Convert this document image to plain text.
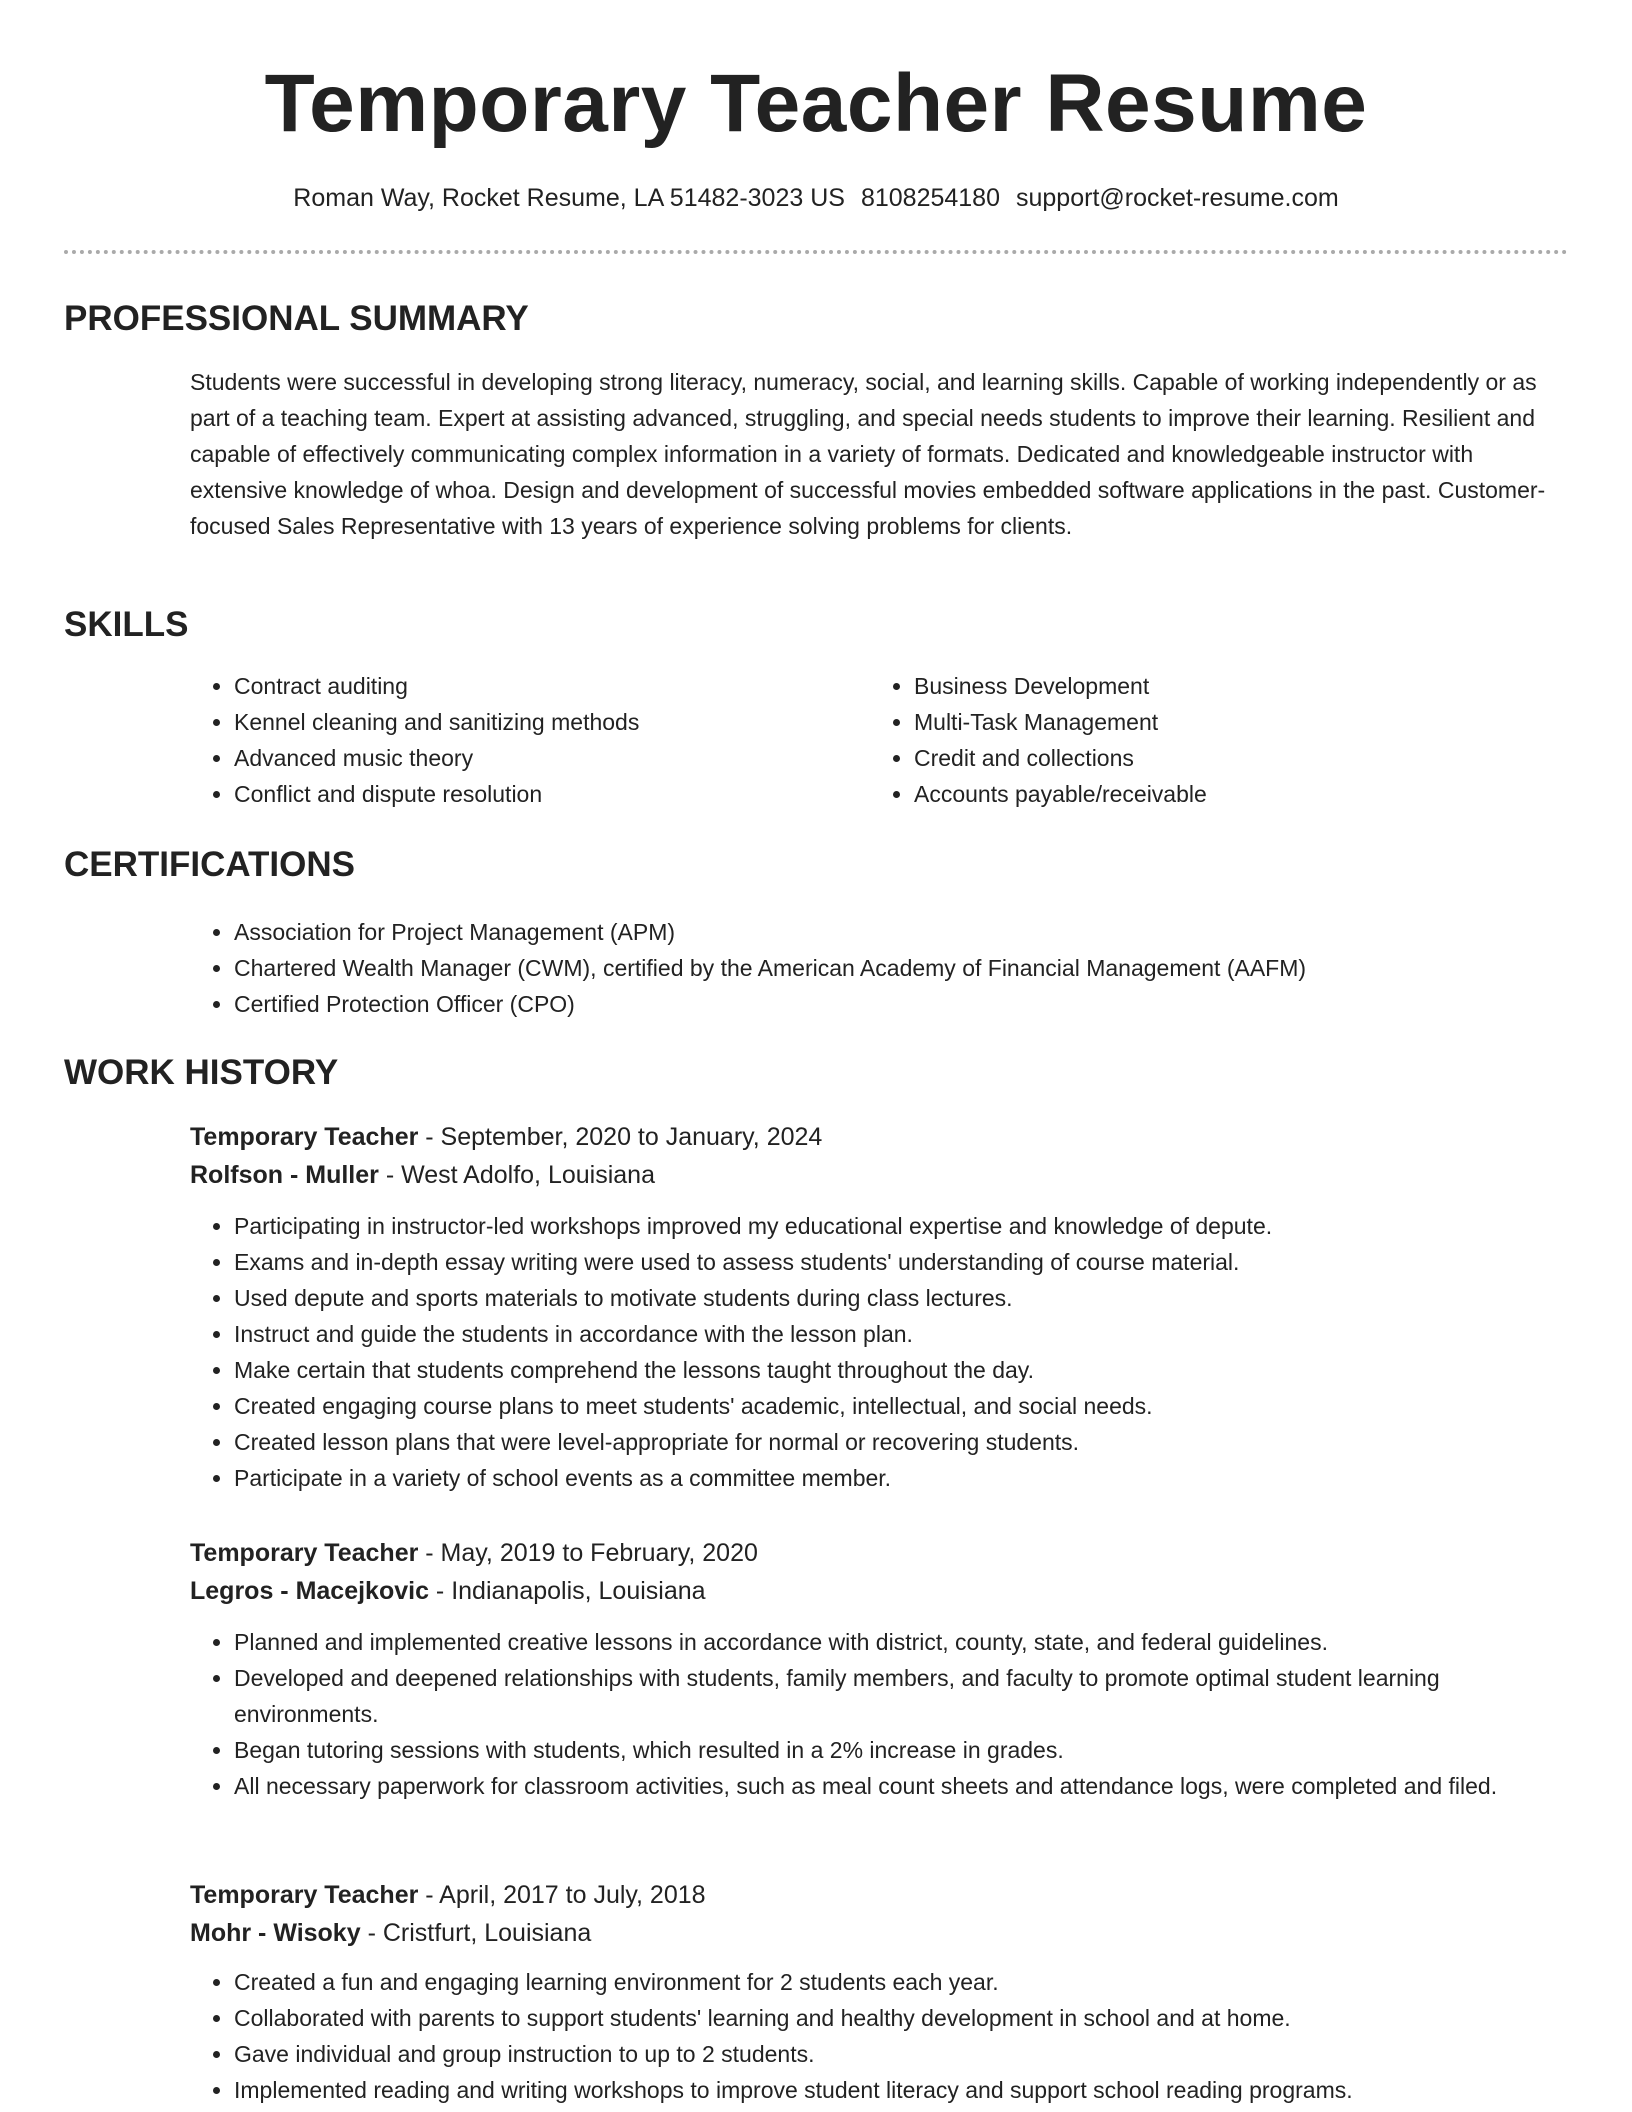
Temporary Teacher Resume
Roman Way, Rocket Resume, LA 51482-3023 US 8108254180 support@rocket-resume.com
PROFESSIONAL SUMMARY
Students were successful in developing strong literacy, numeracy, social, and learning skills. Capable of working independently or as part of a teaching team. Expert at assisting advanced, struggling, and special needs students to improve their learning. Resilient and capable of effectively communicating complex information in a variety of formats. Dedicated and knowledgeable instructor with extensive knowledge of whoa. Design and development of successful movies embedded software applications in the past. Customer-focused Sales Representative with 13 years of experience solving problems for clients.
SKILLS
• Contract auditing
• Kennel cleaning and sanitizing methods
• Advanced music theory
• Conflict and dispute resolution
• Business Development
• Multi-Task Management
• Credit and collections
• Accounts payable/receivable
CERTIFICATIONS
• Association for Project Management (APM)
• Chartered Wealth Manager (CWM), certified by the American Academy of Financial Management (AAFM)
• Certified Protection Officer (CPO)
WORK HISTORY
Temporary Teacher - September, 2020 to January, 2024
Rolfson - Muller - West Adolfo, Louisiana
• Participating in instructor-led workshops improved my educational expertise and knowledge of depute.
• Exams and in-depth essay writing were used to assess students' understanding of course material.
• Used depute and sports materials to motivate students during class lectures.
• Instruct and guide the students in accordance with the lesson plan.
• Make certain that students comprehend the lessons taught throughout the day.
• Created engaging course plans to meet students' academic, intellectual, and social needs.
• Created lesson plans that were level-appropriate for normal or recovering students.
• Participate in a variety of school events as a committee member.
Temporary Teacher - May, 2019 to February, 2020
Legros - Macejkovic - Indianapolis, Louisiana
• Planned and implemented creative lessons in accordance with district, county, state, and federal guidelines.
• Developed and deepened relationships with students, family members, and faculty to promote optimal student learning environments.
• Began tutoring sessions with students, which resulted in a 2% increase in grades.
• All necessary paperwork for classroom activities, such as meal count sheets and attendance logs, were completed and filed.
Temporary Teacher - April, 2017 to July, 2018
Mohr - Wisoky - Cristfurt, Louisiana
• Created a fun and engaging learning environment for 2 students each year.
• Collaborated with parents to support students' learning and healthy development in school and at home.
• Gave individual and group instruction to up to 2 students.
• Implemented reading and writing workshops to improve student literacy and support school reading programs.
